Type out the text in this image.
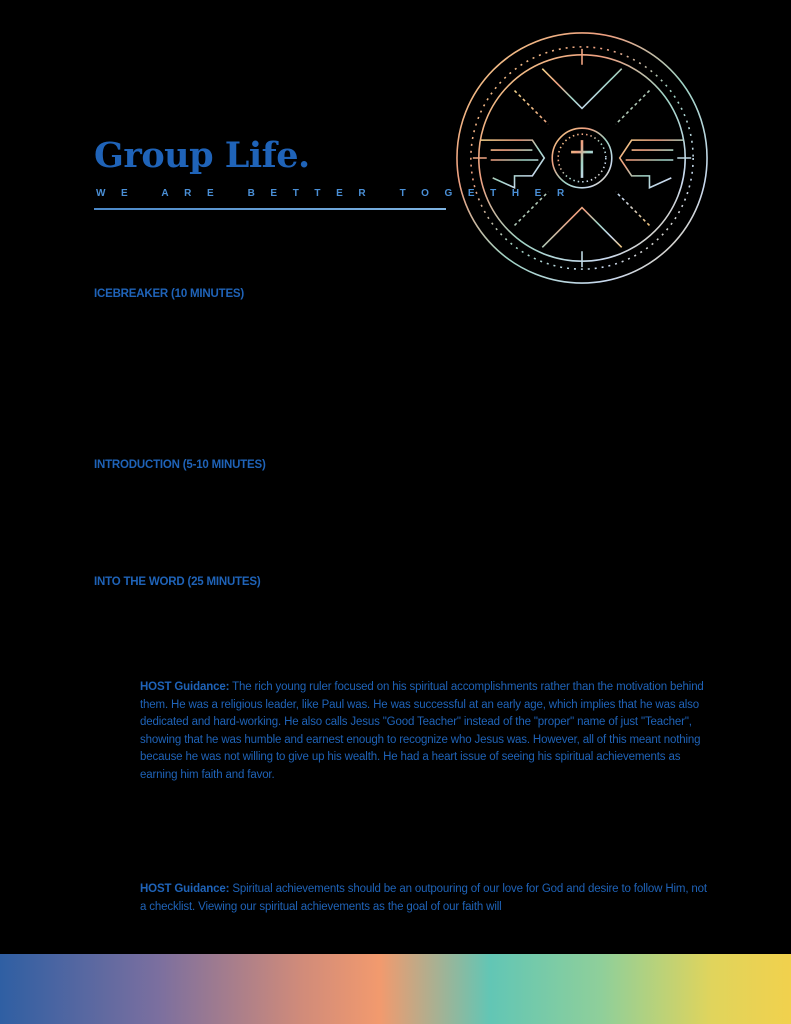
Group Life.
WE ARE BETTER TOGETHER
ICEBREAKER (10 MINUTES)
INTRODUCTION (5-10 MINUTES)
INTO THE WORD (25 MINUTES)

HOST Guidance: The rich young ruler focused on his spiritual accomplishments rather than the motivation behind them. He was a religious leader, like Paul was. He was successful at an early age, which implies that he was also dedicated and hard-working. He also calls Jesus "Good Teacher" instead of the "proper" name of just "Teacher", showing that he was humble and earnest enough to recognize who Jesus was. However, all of this meant nothing because he was not willing to give up his wealth. He had a heart issue of seeing his spiritual achievements as earning him faith and favor.

HOST Guidance: Spiritual achievements should be an outpouring of our love for God and desire to follow Him, not a checklist. Viewing our spiritual achievements as the goal of our faith will
